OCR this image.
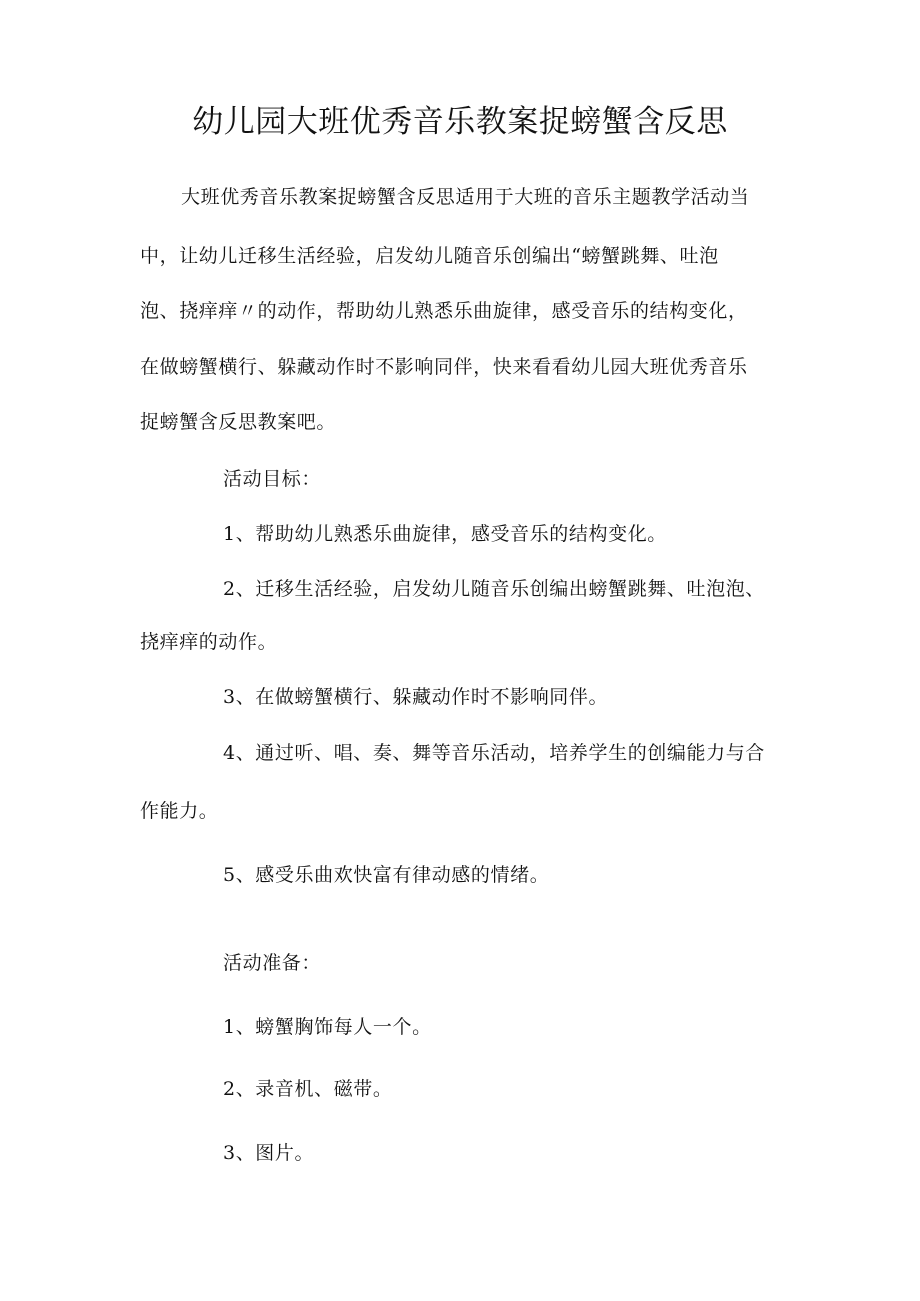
幼儿园大班优秀音乐教案捉螃蟹含反思
大班优秀音乐教案捉螃蟹含反思适用于大班的音乐主题教学活动当
中，让幼儿迁移生活经验，启发幼儿随音乐创编出“螃蟹跳舞、吐泡
泡、挠痒痒〃的动作，帮助幼儿熟悉乐曲旋律，感受音乐的结构变化，
在做螃蟹横行、躲藏动作时不影响同伴，快来看看幼儿园大班优秀音乐
捉螃蟹含反思教案吧。
活动目标：
1、帮助幼儿熟悉乐曲旋律，感受音乐的结构变化。
2、迁移生活经验，启发幼儿随音乐创编出螃蟹跳舞、吐泡泡、
挠痒痒的动作。
3、在做螃蟹横行、躲藏动作时不影响同伴。
4、通过听、唱、奏、舞等音乐活动，培养学生的创编能力与合
作能力。
5、感受乐曲欢快富有律动感的情绪。
活动准备：
1、螃蟹胸饰每人一个。
2、录音机、磁带。
3、图片。
